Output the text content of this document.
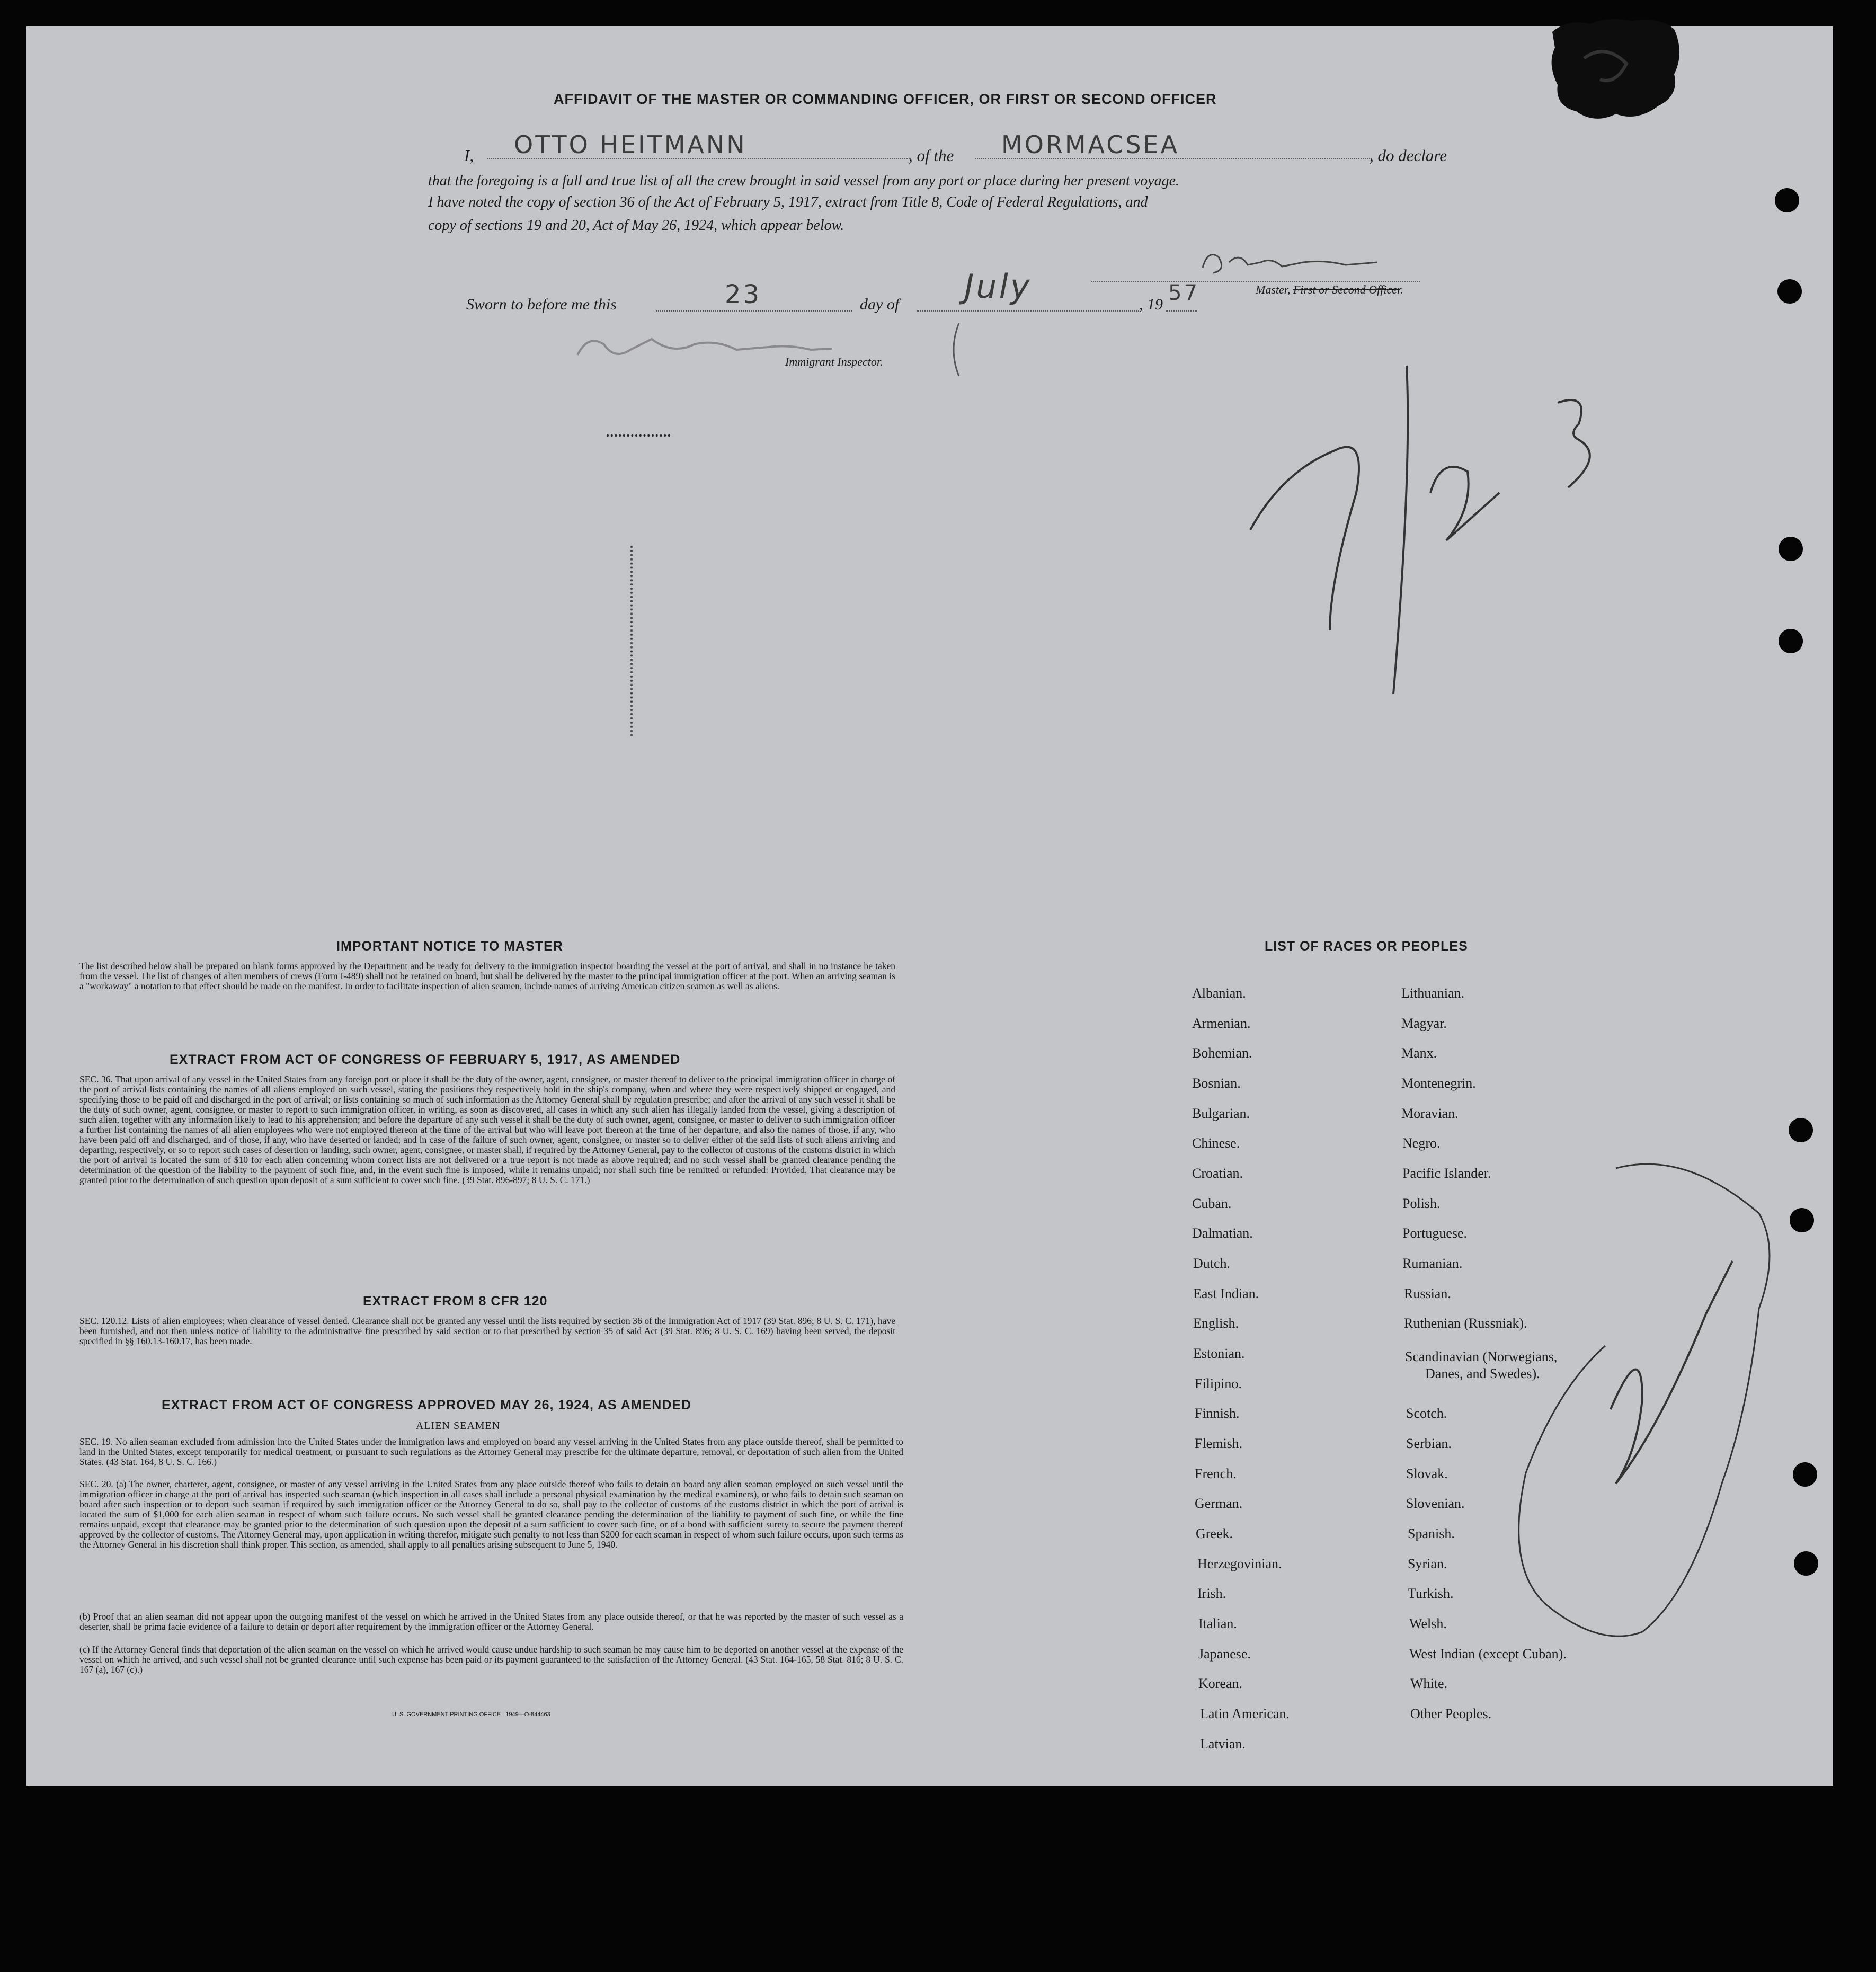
AFFIDAVIT OF THE MASTER OR COMMANDING OFFICER, OR FIRST OR SECOND OFFICER
I, OTTO HEITMANN	, of the MORMACSEA	, do declare
that the foregoing is a full and true list of all the crew brought in said vessel from any port or place during her present voyage.
I have noted the copy of section 36 of the Act of February 5, 1917, extract from Title 8, Code of Federal Regulations, and
copy of sections 19 and 20, Act of May 26, 1924, which appear below.
Master, First or Second Officer.
Sworn to before me this	23	day of July	, 19 57
Immigrant Inspector.
IMPORTANT NOTICE TO MASTER
The list described below shall be prepared on blank forms approved by the Department and be ready for delivery to the immigration inspector boarding the vessel at the port of arrival, and shall in no instance be taken from the vessel. The list of changes of alien members of crews (Form I-489) shall not be retained on board, but shall be delivered by the master to the principal immigration officer at the port. When an arriving seaman is a "workaway" a notation to that effect should be made on the manifest. In order to facilitate inspection of alien seamen, include names of arriving American citizen seamen as well as aliens.
EXTRACT FROM ACT OF CONGRESS OF FEBRUARY 5, 1917, AS AMENDED
SEC. 36. That upon arrival of any vessel in the United States from any foreign port or place it shall be the duty of the owner, agent, consignee, or master thereof to deliver to the principal immigration officer in charge of the port of arrival lists containing the names of all aliens employed on such vessel, stating the positions they respectively hold in the ship's company, when and where they were respectively shipped or engaged, and specifying those to be paid off and discharged in the port of arrival; or lists containing so much of such information as the Attorney General shall by regulation prescribe; and after the arrival of any such vessel it shall be the duty of such owner, agent, consignee, or master to report to such immigration officer, in writing, as soon as discovered, all cases in which any such alien has illegally landed from the vessel, giving a description of such alien, together with any information likely to lead to his apprehension; and before the departure of any such vessel it shall be the duty of such owner, agent, consignee, or master to deliver to such immigration officer a further list containing the names of all alien employees who were not employed thereon at the time of the arrival but who will leave port thereon at the time of her departure, and also the names of those, if any, who have been paid off and discharged, and of those, if any, who have deserted or landed; and in case of the failure of such owner, agent, consignee, or master so to deliver either of the said lists of such aliens arriving and departing, respectively, or so to report such cases of desertion or landing, such owner, agent, consignee, or master shall, if required by the Attorney General, pay to the collector of customs of the customs district in which the port of arrival is located the sum of $10 for each alien concerning whom correct lists are not delivered or a true report is not made as above required; and no such vessel shall be granted clearance pending the determination of the question of the liability to the payment of such fine, and, in the event such fine is imposed, while it remains unpaid; nor shall such fine be remitted or refunded: Provided, That clearance may be granted prior to the determination of such question upon deposit of a sum sufficient to cover such fine. (39 Stat. 896-897; 8 U. S. C. 171.)
EXTRACT FROM 8 CFR 120
SEC. 120.12. Lists of alien employees; when clearance of vessel denied. Clearance shall not be granted any vessel until the lists required by section 36 of the Immigration Act of 1917 (39 Stat. 896; 8 U. S. C. 171), have been furnished, and not then unless notice of liability to the administrative fine prescribed by said section or to that prescribed by section 35 of said Act (39 Stat. 896; 8 U. S. C. 169) having been served, the deposit specified in §§ 160.13-160.17, has been made.
EXTRACT FROM ACT OF CONGRESS APPROVED MAY 26, 1924, AS AMENDED
ALIEN SEAMEN
SEC. 19. No alien seaman excluded from admission into the United States under the immigration laws and employed on board any vessel arriving in the United States from any place outside thereof, shall be permitted to land in the United States, except temporarily for medical treatment, or pursuant to such regulations as the Attorney General may prescribe for the ultimate departure, removal, or deportation of such alien from the United States. (43 Stat. 164, 8 U. S. C. 166.)
SEC. 20. (a) The owner, charterer, agent, consignee, or master of any vessel arriving in the United States from any place outside thereof who fails to detain on board any alien seaman employed on such vessel until the immigration officer in charge at the port of arrival has inspected such seaman (which inspection in all cases shall include a personal physical examination by the medical examiners), or who fails to detain such seaman on board after such inspection or to deport such seaman if required by such immigration officer or the Attorney General to do so, shall pay to the collector of customs of the customs district in which the port of arrival is located the sum of $1,000 for each alien seaman in respect of whom such failure occurs. No such vessel shall be granted clearance pending the determination of the liability to payment of such fine, or while the fine remains unpaid, except that clearance may be granted prior to the determination of such question upon the deposit of a sum sufficient to cover such fine, or of a bond with sufficient surety to secure the payment thereof approved by the collector of customs. The Attorney General may, upon application in writing therefor, mitigate such penalty to not less than $200 for each seaman in respect of whom such failure occurs, upon such terms as the Attorney General in his discretion shall think proper. This section, as amended, shall apply to all penalties arising subsequent to June 5, 1940.
(b) Proof that an alien seaman did not appear upon the outgoing manifest of the vessel on which he arrived in the United States from any place outside thereof, or that he was reported by the master of such vessel as a deserter, shall be prima facie evidence of a failure to detain or deport after requirement by the immigration officer or the Attorney General.
(c) If the Attorney General finds that deportation of the alien seaman on the vessel on which he arrived would cause undue hardship to such seaman he may cause him to be deported on another vessel at the expense of the vessel on which he arrived, and such vessel shall not be granted clearance until such expense has been paid or its payment guaranteed to the satisfaction of the Attorney General. (43 Stat. 164-165, 58 Stat. 816; 8 U. S. C. 167 (a), 167 (c).)
U. S. GOVERNMENT PRINTING OFFICE : 1949—O-844463
LIST OF RACES OR PEOPLES
Albanian.
Armenian.
Bohemian.
Bosnian.
Bulgarian.
Chinese.
Croatian.
Cuban.
Dalmatian.
Dutch.
East Indian.
English.
Estonian.
Filipino.
Finnish.
Flemish.
French.
German.
Greek.
Herzegovinian.
Irish.
Italian.
Japanese.
Korean.
Latin American.
Latvian.
Lithuanian.
Magyar.
Manx.
Montenegrin.
Moravian.
Negro.
Pacific Islander.
Polish.
Portuguese.
Rumanian.
Russian.
Ruthenian (Russniak).
Scandinavian (Norwegians,
Danes, and Swedes).
Scotch.
Serbian.
Slovak.
Slovenian.
Spanish.
Syrian.
Turkish.
Welsh.
West Indian (except Cuban).
White.
Other Peoples.
